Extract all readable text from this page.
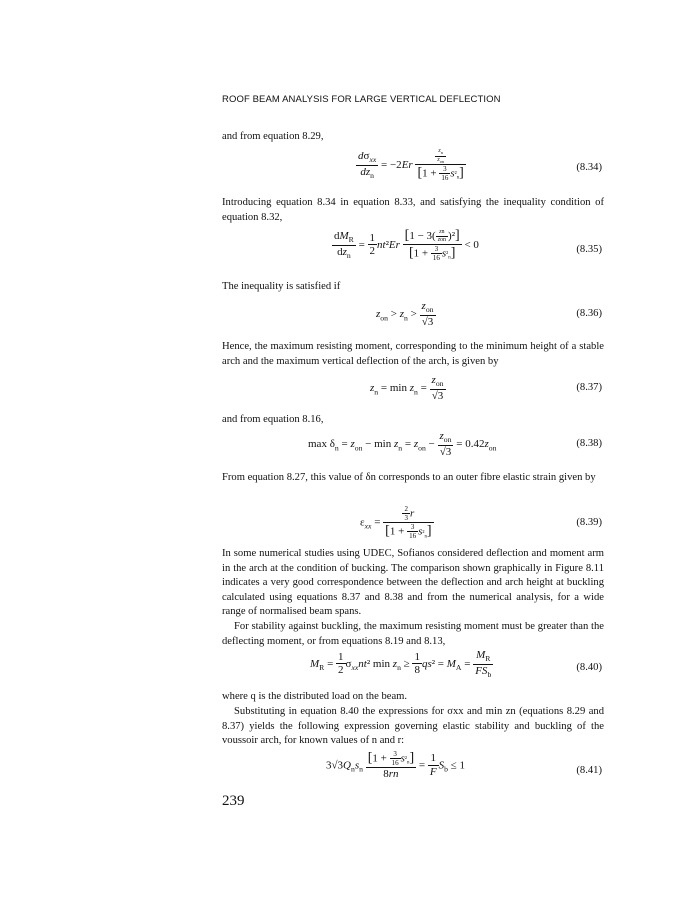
ROOF BEAM ANALYSIS FOR LARGE VERTICAL DEFLECTION

and from equation 8.29,

$\frac{d\sigma_{xx}}{dz_n} = -2Er \frac{\frac{z_n}{z_{on}}}{[1 + \frac{3}{16} s^2_n]}$	(8.34)

Introducing equation 8.34 in equation 8.33, and satisfying the inequality condition of equation 8.32,

$\frac{dM_R}{dz_n} = \frac{1}{2} nt^2Er \frac{[1 - 3( \frac{zn}{\text{zon}} )^2]}{[1 + \frac{3}{16} s^2_n]} < 0$	(8.35)

The inequality is satisfied if

$z_{on} > z_n > \frac{z_{on}}{√3}$	(8.36)

Hence, the maximum resisting moment, corresponding to the minimum height of a stable arch and the maximum vertical deflection of the arch, is given by

$z_n = \min z_n = \frac{z_{on}}{√3}$	(8.37)

and from equation 8.16,

$\max \delta_n = z_{on} - \min z_n = z_{on} - \frac{z_{on}}{√3} = 0.42z_{on}$	(8.38)

From equation 8.27, this value of δn corresponds to an outer fibre elastic strain given by

$\varepsilon_{xx} = \frac{\frac{2}{3} r}{[1 + \frac{3}{16} s^2_n]}$	(8.39)

In some numerical studies using UDEC, Sofianos considered deflection and moment arm in the arch at the condition of bucking. The comparison shown graphically in Figure 8.11 indicates a very good correspondence between the deflection and arch height at buckling calculated using equations 8.37 and 8.38 and from the numerical analysis, for a wide range of normalised beam spans.

For stability against buckling, the maximum resisting moment must be greater than the deflecting moment, or from equations 8.19 and 8.13,

$M_R = \frac{1}{2} \sigma_{xx}nt^2$ $\min z_n \ge \frac{1}{8} qs^2 = M_A = \frac{M_R}{FS_b}$	(8.40)

where q is the distributed load on the beam.

Substituting in equation 8.40 the expressions for σxx and min zn (equations 8.29 and 8.37) yields the following expression governing elastic stability and buckling of the voussoir arch, for known values of n and r:

$3√3Q_ns_n \frac{[1 + \frac{3}{16} s^2_n]}{8rn} = \frac{1}{F} S_b \le 1$	(8.41)
239
